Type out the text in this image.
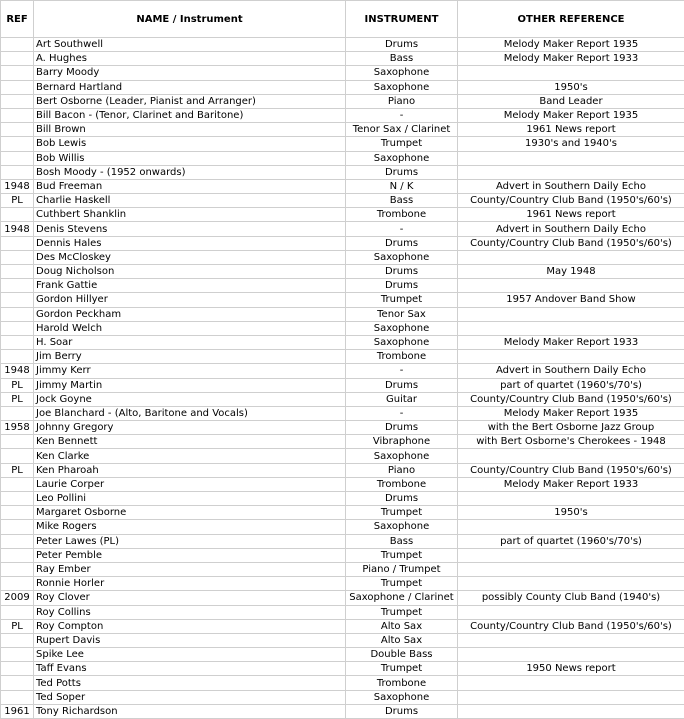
REF	NAME / Instrument	INSTRUMENT	OTHER REFERENCE
	Art Southwell	Drums	Melody Maker Report 1935
	A. Hughes	Bass	Melody Maker Report 1933
	Barry Moody	Saxophone	
	Bernard Hartland	Saxophone	1950's
	Bert Osborne (Leader, Pianist and Arranger)	Piano	Band Leader
	Bill Bacon - (Tenor, Clarinet and Baritone)	-	Melody Maker Report 1935
	Bill Brown	Tenor Sax / Clarinet	1961 News report
	Bob Lewis	Trumpet	1930's and 1940's
	Bob Willis	Saxophone	
	Bosh Moody - (1952 onwards)	Drums	
1948	Bud Freeman	N / K	Advert in Southern Daily Echo
PL	Charlie Haskell	Bass	County/Country Club Band (1950's/60's)
	Cuthbert Shanklin	Trombone	1961 News report
1948	Denis Stevens	-	Advert in Southern Daily Echo
	Dennis Hales	Drums	County/Country Club Band (1950's/60's)
	Des McCloskey	Saxophone	
	Doug Nicholson	Drums	May 1948
	Frank Gattie	Drums	
	Gordon Hillyer	Trumpet	1957 Andover Band Show
	Gordon Peckham	Tenor Sax	
	Harold Welch	Saxophone	
	H. Soar	Saxophone	Melody Maker Report 1933
	Jim Berry	Trombone	
1948	Jimmy Kerr	-	Advert in Southern Daily Echo
PL	Jimmy Martin	Drums	part of quartet (1960's/70's)
PL	Jock Goyne	Guitar	County/Country Club Band (1950's/60's)
	Joe Blanchard - (Alto, Baritone and Vocals)	-	Melody Maker Report 1935
1958	Johnny Gregory	Drums	with the Bert Osborne Jazz Group
	Ken Bennett	Vibraphone	with Bert Osborne's Cherokees - 1948
	Ken Clarke	Saxophone	
PL	Ken Pharoah	Piano	County/Country Club Band (1950's/60's)
	Laurie Corper	Trombone	Melody Maker Report 1933
	Leo Pollini	Drums	
	Margaret Osborne	Trumpet	1950's
	Mike Rogers	Saxophone	
	Peter Lawes (PL)	Bass	part of quartet (1960's/70's)
	Peter Pemble	Trumpet	
	Ray Ember	Piano / Trumpet	
	Ronnie Horler	Trumpet	
2009	Roy Clover	Saxophone / Clarinet	possibly County Club Band (1940's)
	Roy Collins	Trumpet	
PL	Roy Compton	Alto Sax	County/Country Club Band (1950's/60's)
	Rupert Davis	Alto Sax	
	Spike Lee	Double Bass	
	Taff Evans	Trumpet	1950 News report
	Ted Potts	Trombone	
	Ted Soper	Saxophone	
1961	Tony Richardson	Drums	
